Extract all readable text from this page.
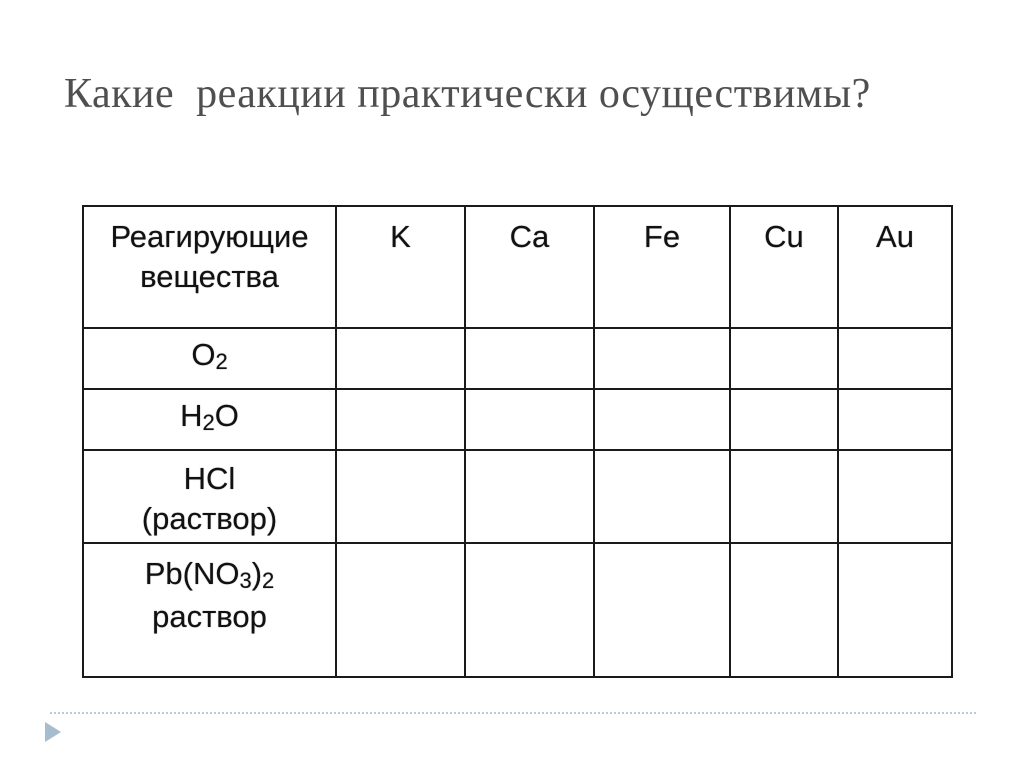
Какие  реакции практически осуществимы?
Реагирующие
вещества	K	Ca	Fe	Cu	Au

$O_2$

$H_2O$					

HCl
(раствор)					

$Pb(NO_3)_2$
раствор					
